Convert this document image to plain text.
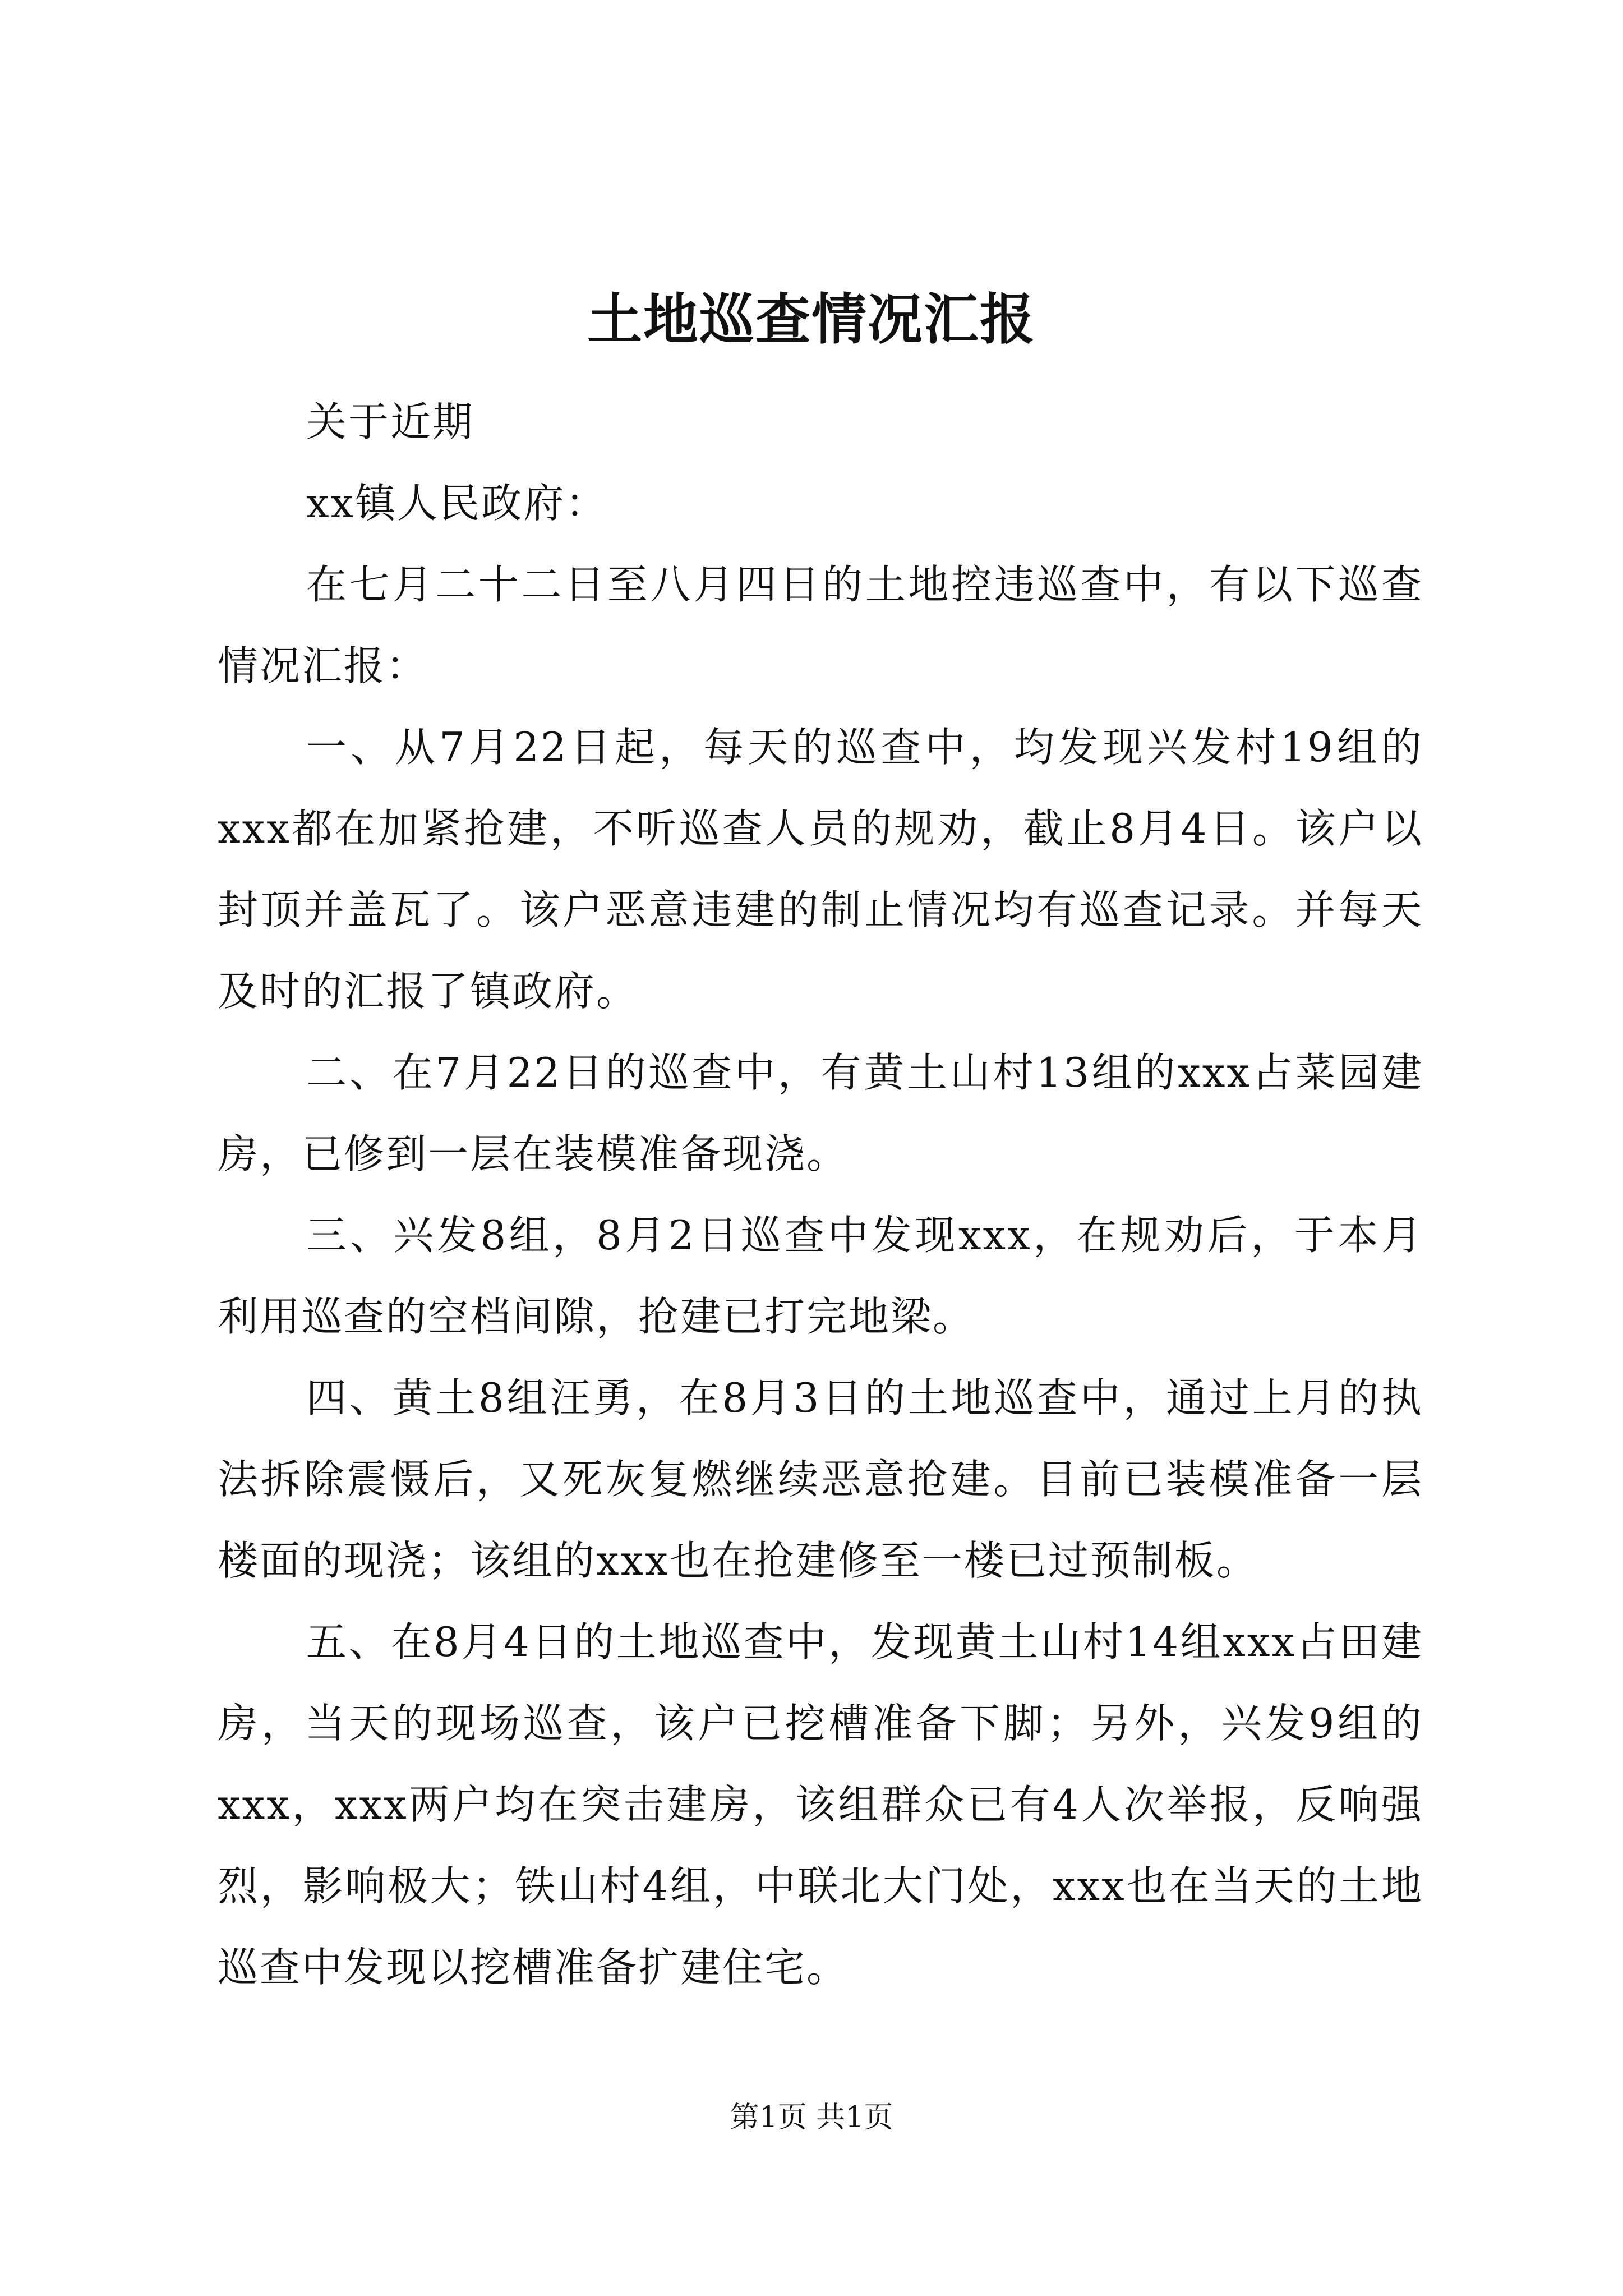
土地巡查情况汇报

关于近期

xx镇人民政府：

在七月二十二日至八月四日的土地控违巡查中，有以下巡查情况汇报：

一、从7月22日起，每天的巡查中，均发现兴发村19组的xxx都在加紧抢建，不听巡查人员的规劝，截止8月4日。该户以封顶并盖瓦了。该户恶意违建的制止情况均有巡查记录。并每天及时的汇报了镇政府。

二、在7月22日的巡查中，有黄土山村13组的xxx占菜园建房，已修到一层在装模准备现浇。

三、兴发8组，8月2日巡查中发现xxx，在规劝后，于本月利用巡查的空档间隙，抢建已打完地梁。

四、黄土8组汪勇，在8月3日的土地巡查中，通过上月的执法拆除震慑后，又死灰复燃继续恶意抢建。目前已装模准备一层楼面的现浇；该组的xxx也在抢建修至一楼已过预制板。

五、在8月4日的土地巡查中，发现黄土山村14组xxx占田建房，当天的现场巡查，该户已挖槽准备下脚；另外，兴发9组的xxx，xxx两户均在突击建房，该组群众已有4人次举报，反响强烈，影响极大；铁山村4组，中联北大门处，xxx也在当天的土地巡查中发现以挖槽准备扩建住宅。

第1页 共1页
